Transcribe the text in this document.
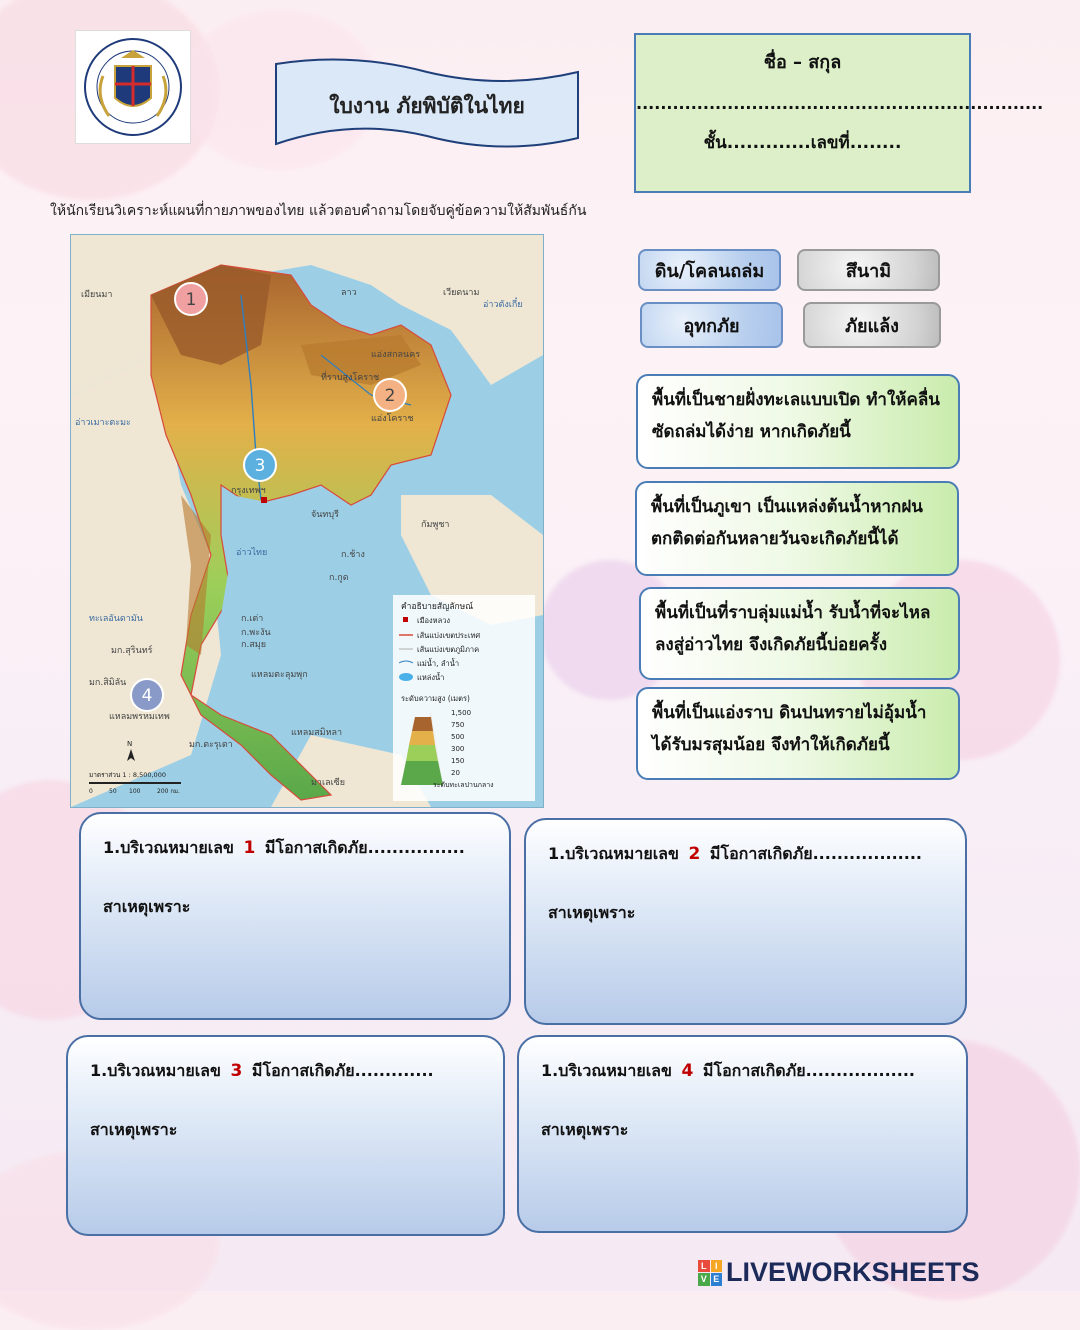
ใบงาน ภัยพิบัติในไทย
ชื่อ – สกุล
...................................................................
ชั้น.............เลขที่........
ให้นักเรียนวิเคราะห์แผนที่กายภาพของไทย แล้วตอบคำถามโดยจับคู่ข้อความให้สัมพันธ์กัน
1
2
3
4
เมียนมา	ลาว	เวียดนาม
กัมพูชา
มาเลเซีย
ทะเลอันดามัน
อ่าวไทย
อ่าวเมาะตะมะ
อ่าวตังเกี๋ย
กรุงเทพฯ
แอ่งโคราช
แอ่งสกลนคร
ที่ราบสูงโคราช
จันทบุรี
ก.ช้าง
ก.กูด
ก.สมุย
ก.เต่า
ก.พะงัน
มก.สุรินทร์
มก.สิมิลัน
แหลมพรหมเทพ
แหลมตะลุมพุก
แหลมสมิหลา
มก.ตะรุเตา
คำอธิบายสัญลักษณ์
เมืองหลวง
เส้นแบ่งเขตประเทศ
เส้นแบ่งเขตภูมิภาค
แม่น้ำ, ลำน้ำ
แหล่งน้ำ
ระดับความสูง (เมตร)
1,500
750
500
300
150
20
ระดับทะเลปานกลาง
N
มาตราส่วน 1 : 8,500,000
0	50 100	200 กม.
ดิน/โคลนถล่ม	สึนามิ
อุทกภัย	ภัยแล้ง
พื้นที่เป็นชายฝั่งทะเลแบบเปิด ทำให้คลื่นซัดถล่มได้ง่าย หากเกิดภัยนี้
พื้นที่เป็นภูเขา เป็นแหล่งต้นน้ำหากฝนตกติดต่อกันหลายวันจะเกิดภัยนี้ได้
พื้นที่เป็นที่ราบลุ่มแม่น้ำ รับน้ำที่จะไหลลงสู่อ่าวไทย จึงเกิดภัยนี้บ่อยครั้ง
พื้นที่เป็นแอ่งราบ ดินปนทรายไม่อุ้มน้ำ ได้รับมรสุมน้อย จึงทำให้เกิดภัยนี้
1.บริเวณหมายเลข 1 มีโอกาสเกิดภัย................
สาเหตุเพราะ
1.บริเวณหมายเลข 2 มีโอกาสเกิดภัย..................
สาเหตุเพราะ
1.บริเวณหมายเลข 3 มีโอกาสเกิดภัย.............
สาเหตุเพราะ
1.บริเวณหมายเลข 4 มีโอกาสเกิดภัย..................
สาเหตุเพราะ
L I
V E LIVEWORKSHEETS
